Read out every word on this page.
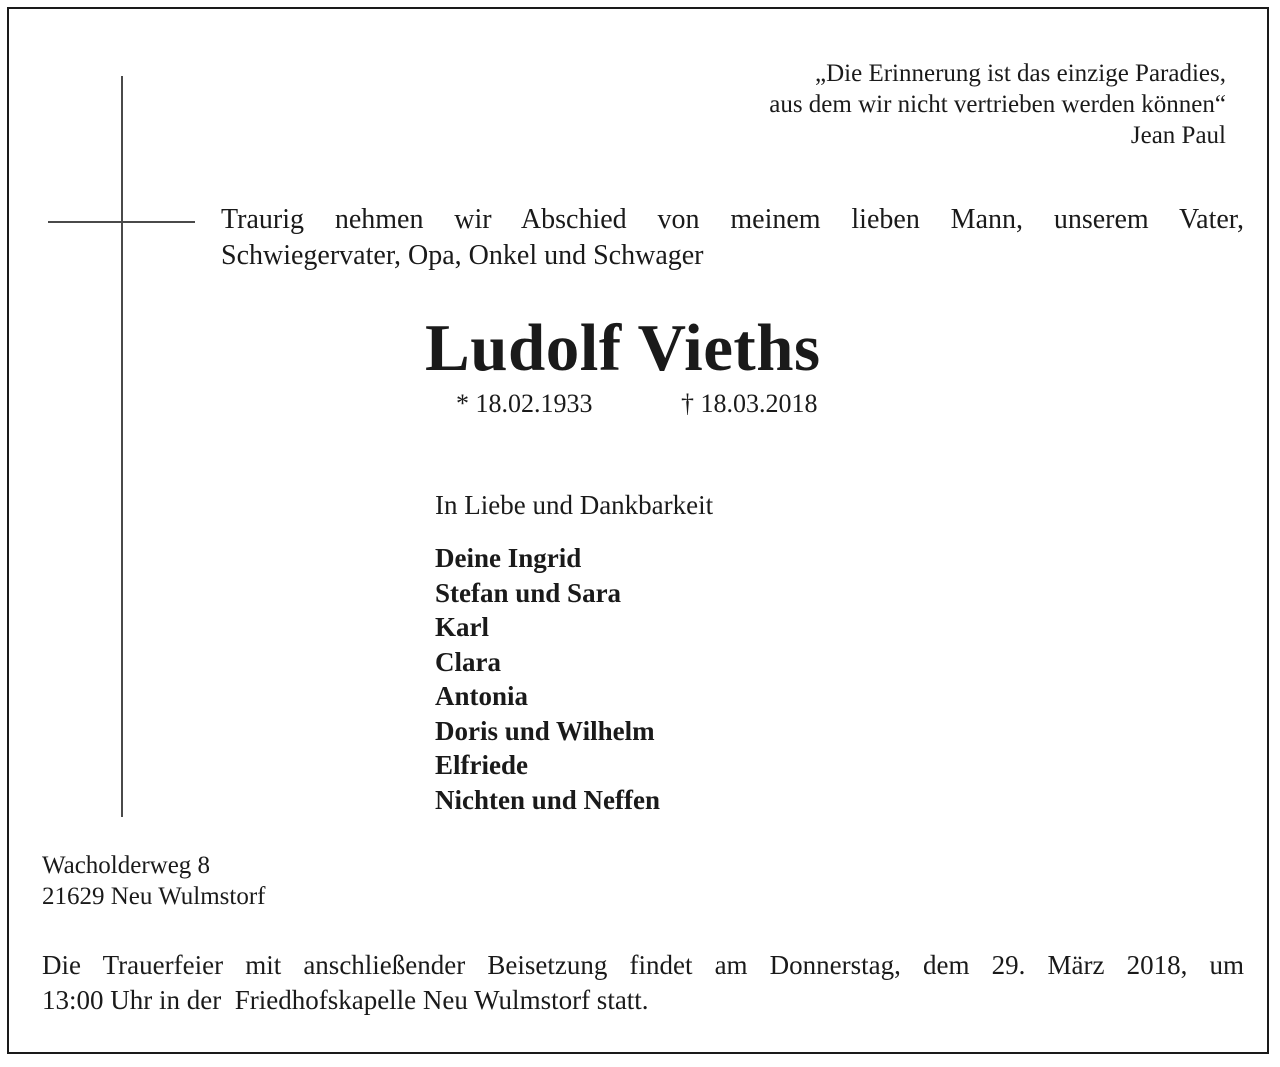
„Die Erinnerung ist das einzige Paradies,
aus dem wir nicht vertrieben werden können“
Jean Paul
Traurig nehmen wir Abschied von meinem lieben Mann, unserem Vater,
Schwiegervater, Opa, Onkel und Schwager
Ludolf Vieths
* 18.02.1933	† 18.03.2018
In Liebe und Dankbarkeit
Deine Ingrid
Stefan und Sara
Karl
Clara
Antonia
Doris und Wilhelm
Elfriede
Nichten und Neffen
Wacholderweg 8
21629 Neu Wulmstorf
Die Trauerfeier mit anschließender Beisetzung findet am Donnerstag, dem 29. März 2018, um
13:00 Uhr in der  Friedhofskapelle Neu Wulmstorf statt.
